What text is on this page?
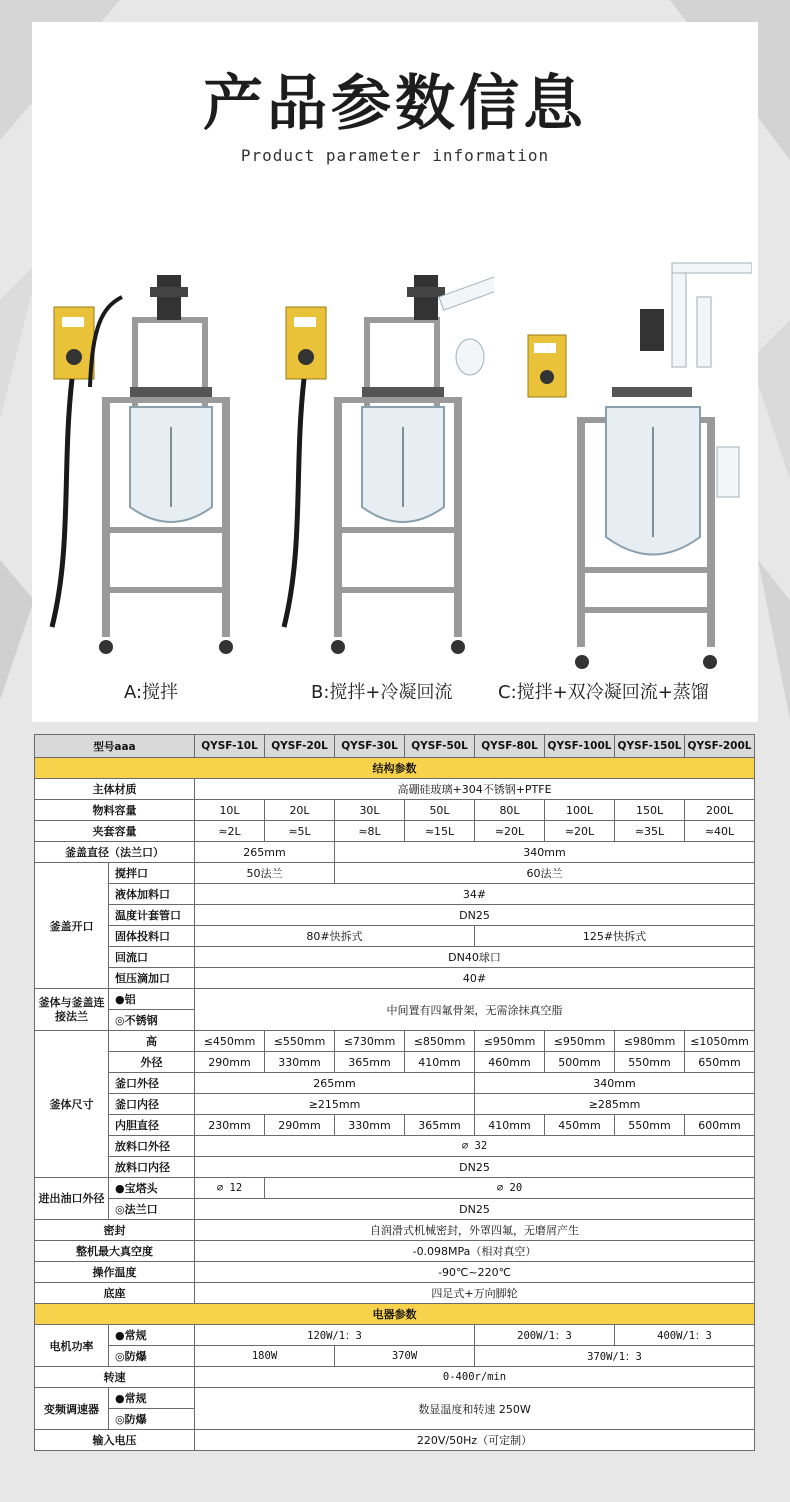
产品参数信息
Product parameter information
A:搅拌	B:搅拌+冷凝回流	C:搅拌+双冷凝回流+蒸馏
型号aaa		QYSF-10L	QYSF-20L	QYSF-30L	QYSF-50L	QYSF-80L	QYSF-100L	QYSF-150L	QYSF-200L
结构参数									
主体材质		高硼硅玻璃+304不锈钢+PTFE							
物料容量		10L	20L	30L	50L	80L	100L	150L	200L
夹套容量		≈2L	≈5L	≈8L	≈15L	≈20L	≈20L	≈35L	≈40L
釜盖直径（法兰口）		265mm		340mm					
釜盖开口	搅拌口	50法兰		60法兰					
	液体加料口	34#							
	温度计套管口	DN25							
	固体投料口	80#快拆式				125#快拆式			
	回流口	DN40球口							
	恒压滴加口	40#							
釜体与釜盖连接法兰	●铝	中间置有四氟骨架，无需涂抹真空脂							
	◎不锈钢								
釜体尺寸	高	≤450mm	≤550mm	≤730mm	≤850mm	≤950mm	≤950mm	≤980mm	≤1050mm
	外径	290mm	330mm	365mm	410mm	460mm	500mm	550mm	650mm
	釜口外径	265mm				340mm			
	釜口内径	≥215mm				≥285mm			
	内胆直径	230mm	290mm	330mm	365mm	410mm	450mm	550mm	600mm
	放料口外径	⌀ 32							
	放料口内径	DN25							
进出油口外径	●宝塔头	⌀ 12	⌀ 20						
	◎法兰口	DN25							
密封		自润滑式机械密封，外罩四氟，无磨屑产生							
整机最大真空度		-0.098MPa（相对真空）							
操作温度		-90℃~220℃							
底座		四足式+万向脚轮							
电器参数									
电机功率	●常规	120W/1：3				200W/1：3		400W/1：3	
	◎防爆	180W		370W		370W/1：3			
转速		0-400r/min							
变频调速器	●常规	数显温度和转速 250W							
	◎防爆								
输入电压		220V/50Hz（可定制）							
